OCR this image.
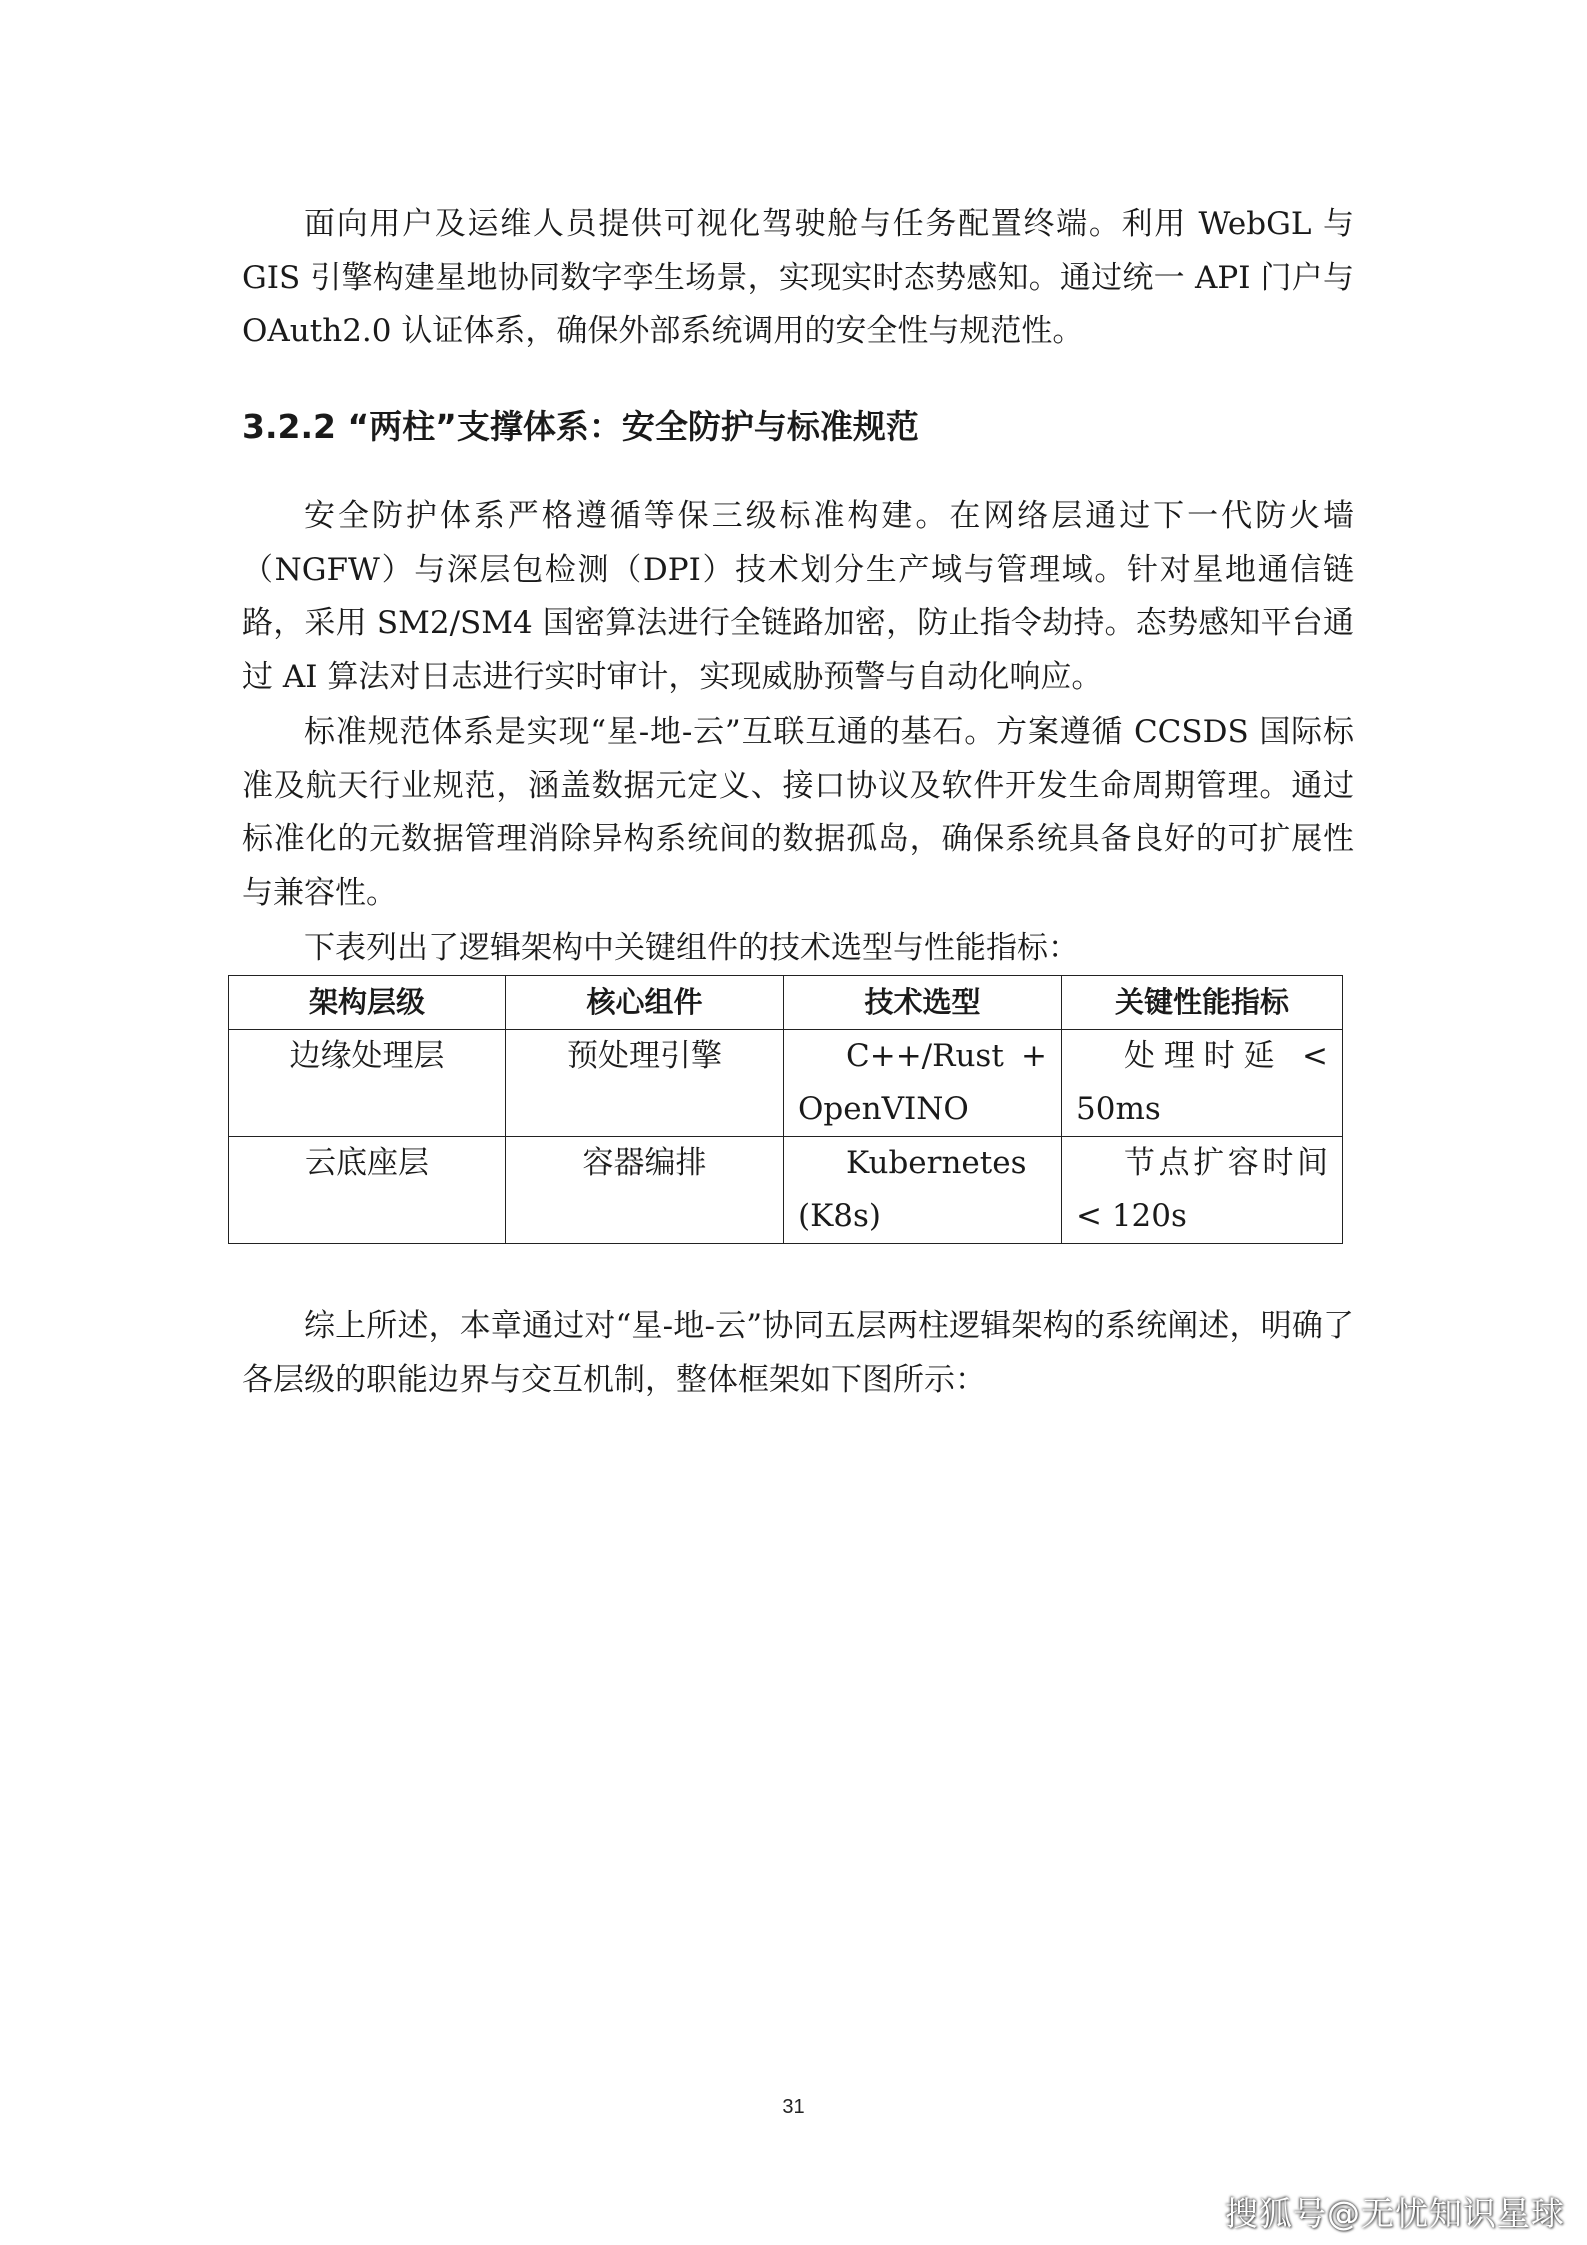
面向用户及运维人员提供可视化驾驶舱与任务配置终端。利用 WebGL 与 GIS 引擎构建星地协同数字孪生场景，实现实时态势感知。通过统一 API 门户与 OAuth2.0 认证体系，确保外部系统调用的安全性与规范性。

3.2.2 “两柱”支撑体系：安全防护与标准规范

安全防护体系严格遵循等保三级标准构建。在网络层通过下一代防火墙（NGFW）与深层包检测（DPI）技术划分生产域与管理域。针对星地通信链路，采用 SM2/SM4 国密算法进行全链路加密，防止指令劫持。态势感知平台通过 AI 算法对日志进行实时审计，实现威胁预警与自动化响应。

标准规范体系是实现“星-地-云”互联互通的基石。方案遵循 CCSDS 国际标准及航天行业规范，涵盖数据元定义、接口协议及软件开发生命周期管理。通过标准化的元数据管理消除异构系统间的数据孤岛，确保系统具备良好的可扩展性与兼容性。

下表列出了逻辑架构中关键组件的技术选型与性能指标：

架构层级	核心组件	技术选型	关键性能指标
边缘处理层	预处理引擎	C++/Rust + OpenVINO	处理时延 < 50ms
云底座层	容器编排	Kubernetes (K8s)	节点扩容时间 < 120s

综上所述，本章通过对“星-地-云”协同五层两柱逻辑架构的系统阐述，明确了各层级的职能边界与交互机制，整体框架如下图所示：

31
搜狐号@无忧知识星球
